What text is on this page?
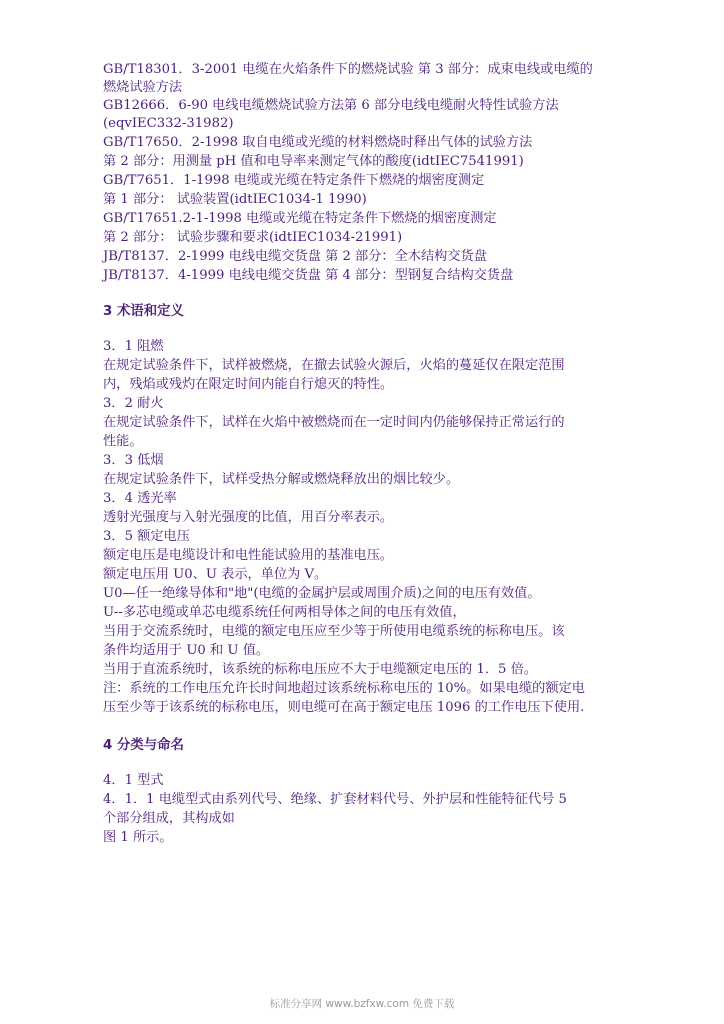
GB/T18301．3-2001 电缆在火焰条件下的燃烧试验 第 3 部分：成束电线或电缆的
燃烧试验方法
GB12666．6-90 电线电缆燃烧试验方法第 6 部分电线电缆耐火特性试验方法
(eqvIEC332-31982)
GB/T17650．2-1998 取自电缆或光缆的材料燃烧时释出气体的试验方法
第 2 部分：用测量 pH 值和电导率来测定气体的酸度(idtIEC7541991)
GB/T7651．1-1998 电缆或光缆在特定条件下燃烧的烟密度测定
第 1 部分： 试验装置(idtIEC1034-1 1990)
GB/T17651.2-1-1998 电缆或光缆在特定条件下燃烧的烟密度测定
第 2 部分： 试验步骤和要求(idtIEC1034-21991)
JB/T8137．2-1999 电线电缆交货盘 第 2 部分：全木结构交货盘
JB/T8137．4-1999 电线电缆交货盘 第 4 部分：型钢复合结构交货盘
3 术语和定义
3．1 阻燃
在规定试验条件下，试样被燃烧，在撤去试验火源后，火焰的蔓延仅在限定范围
内，残焰或残灼在限定时间内能自行熄灭的特性。
3．2 耐火
在规定试验条件下，试样在火焰中被燃烧而在一定时间内仍能够保持正常运行的
性能。
3．3 低烟
在规定试验条件下，试样受热分解或燃烧释放出的烟比较少。
3．4 透光率
透射光强度与入射光强度的比值，用百分率表示。
3．5 额定电压
额定电压是电缆设计和电性能试验用的基准电压。
额定电压用 U0、U 表示，单位为 V。
U0—任一绝缘导体和"地"(电缆的金属护层或周围介质)之间的电压有效值。
U--多芯电缆或单芯电缆系统任何两相导体之间的电压有效值，
当用于交流系统时，电缆的额定电压应至少等于所使用电缆系统的标称电压。该
条件均适用于 U0 和 U 值。
当用于直流系统时，该系统的标称电压应不大于电缆额定电压的 1．5 倍。
注：系统的工作电压允许长时间地超过该系统标称电压的 10%。如果电缆的额定电
压至少等于该系统的标称电压，则电缆可在高于额定电压 1096 的工作电压下使用.
4 分类与命名
4．1 型式
4．1．1 电缆型式由系列代号、绝缘、扩套材料代号、外护层和性能特征代号 5
个部分组成，其构成如
图 1 所示。
标准分享网 www.bzfxw.com 免费下载
